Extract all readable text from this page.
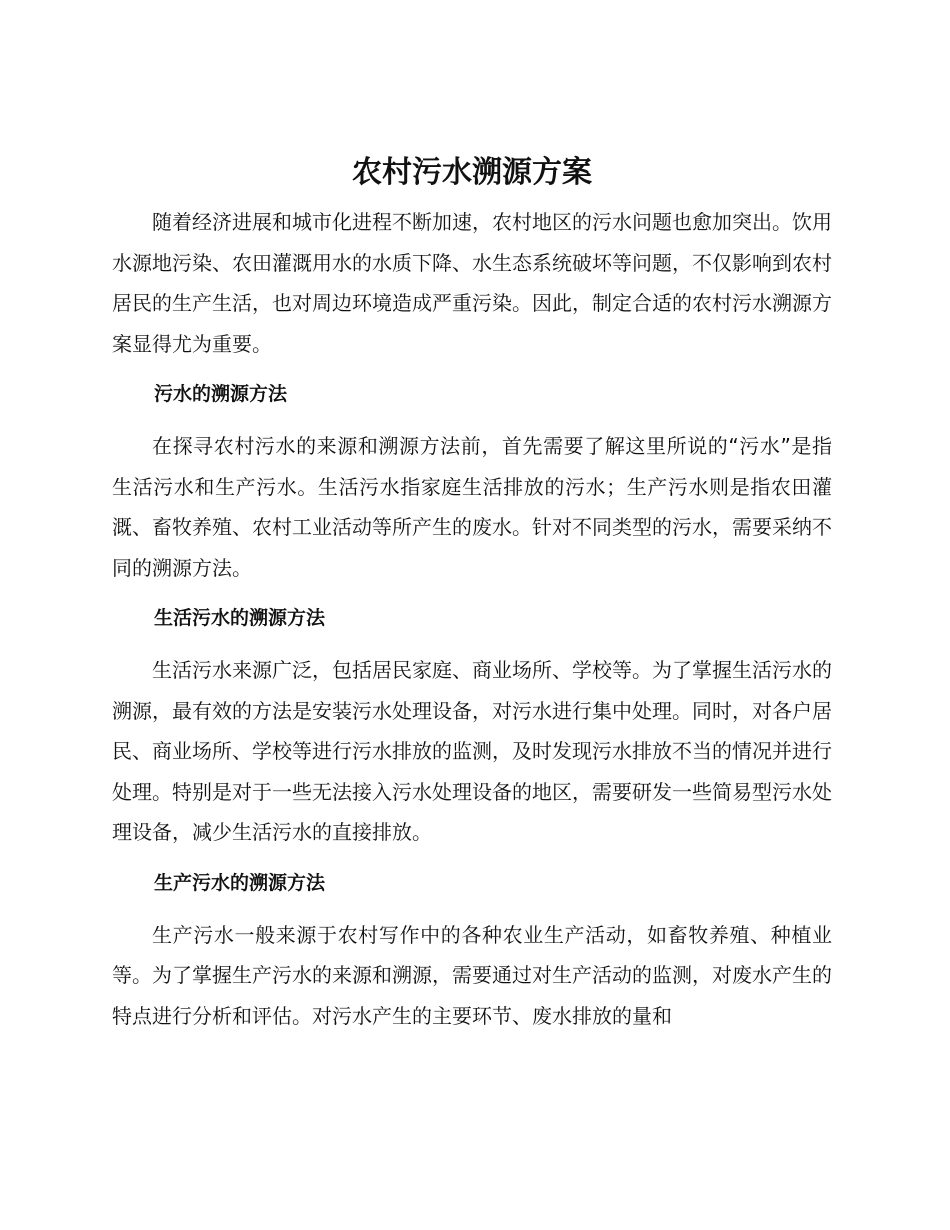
农村污水溯源方案

随着经济进展和城市化进程不断加速，农村地区的污水问题也愈加突出。饮用水源地污染、农田灌溉用水的水质下降、水生态系统破坏等问题，不仅影响到农村居民的生产生活，也对周边环境造成严重污染。因此，制定合适的农村污水溯源方案显得尤为重要。

污水的溯源方法

在探寻农村污水的来源和溯源方法前，首先需要了解这里所说的“污水”是指生活污水和生产污水。生活污水指家庭生活排放的污水；生产污水则是指农田灌溉、畜牧养殖、农村工业活动等所产生的废水。针对不同类型的污水，需要采纳不同的溯源方法。

生活污水的溯源方法

生活污水来源广泛，包括居民家庭、商业场所、学校等。为了掌握生活污水的溯源，最有效的方法是安装污水处理设备，对污水进行集中处理。同时，对各户居民、商业场所、学校等进行污水排放的监测，及时发现污水排放不当的情况并进行处理。特别是对于一些无法接入污水处理设备的地区，需要研发一些简易型污水处理设备，减少生活污水的直接排放。

生产污水的溯源方法

生产污水一般来源于农村写作中的各种农业生产活动，如畜牧养殖、种植业等。为了掌握生产污水的来源和溯源，需要通过对生产活动的监测，对废水产生的特点进行分析和评估。对污水产生的主要环节、废水排放的量和
